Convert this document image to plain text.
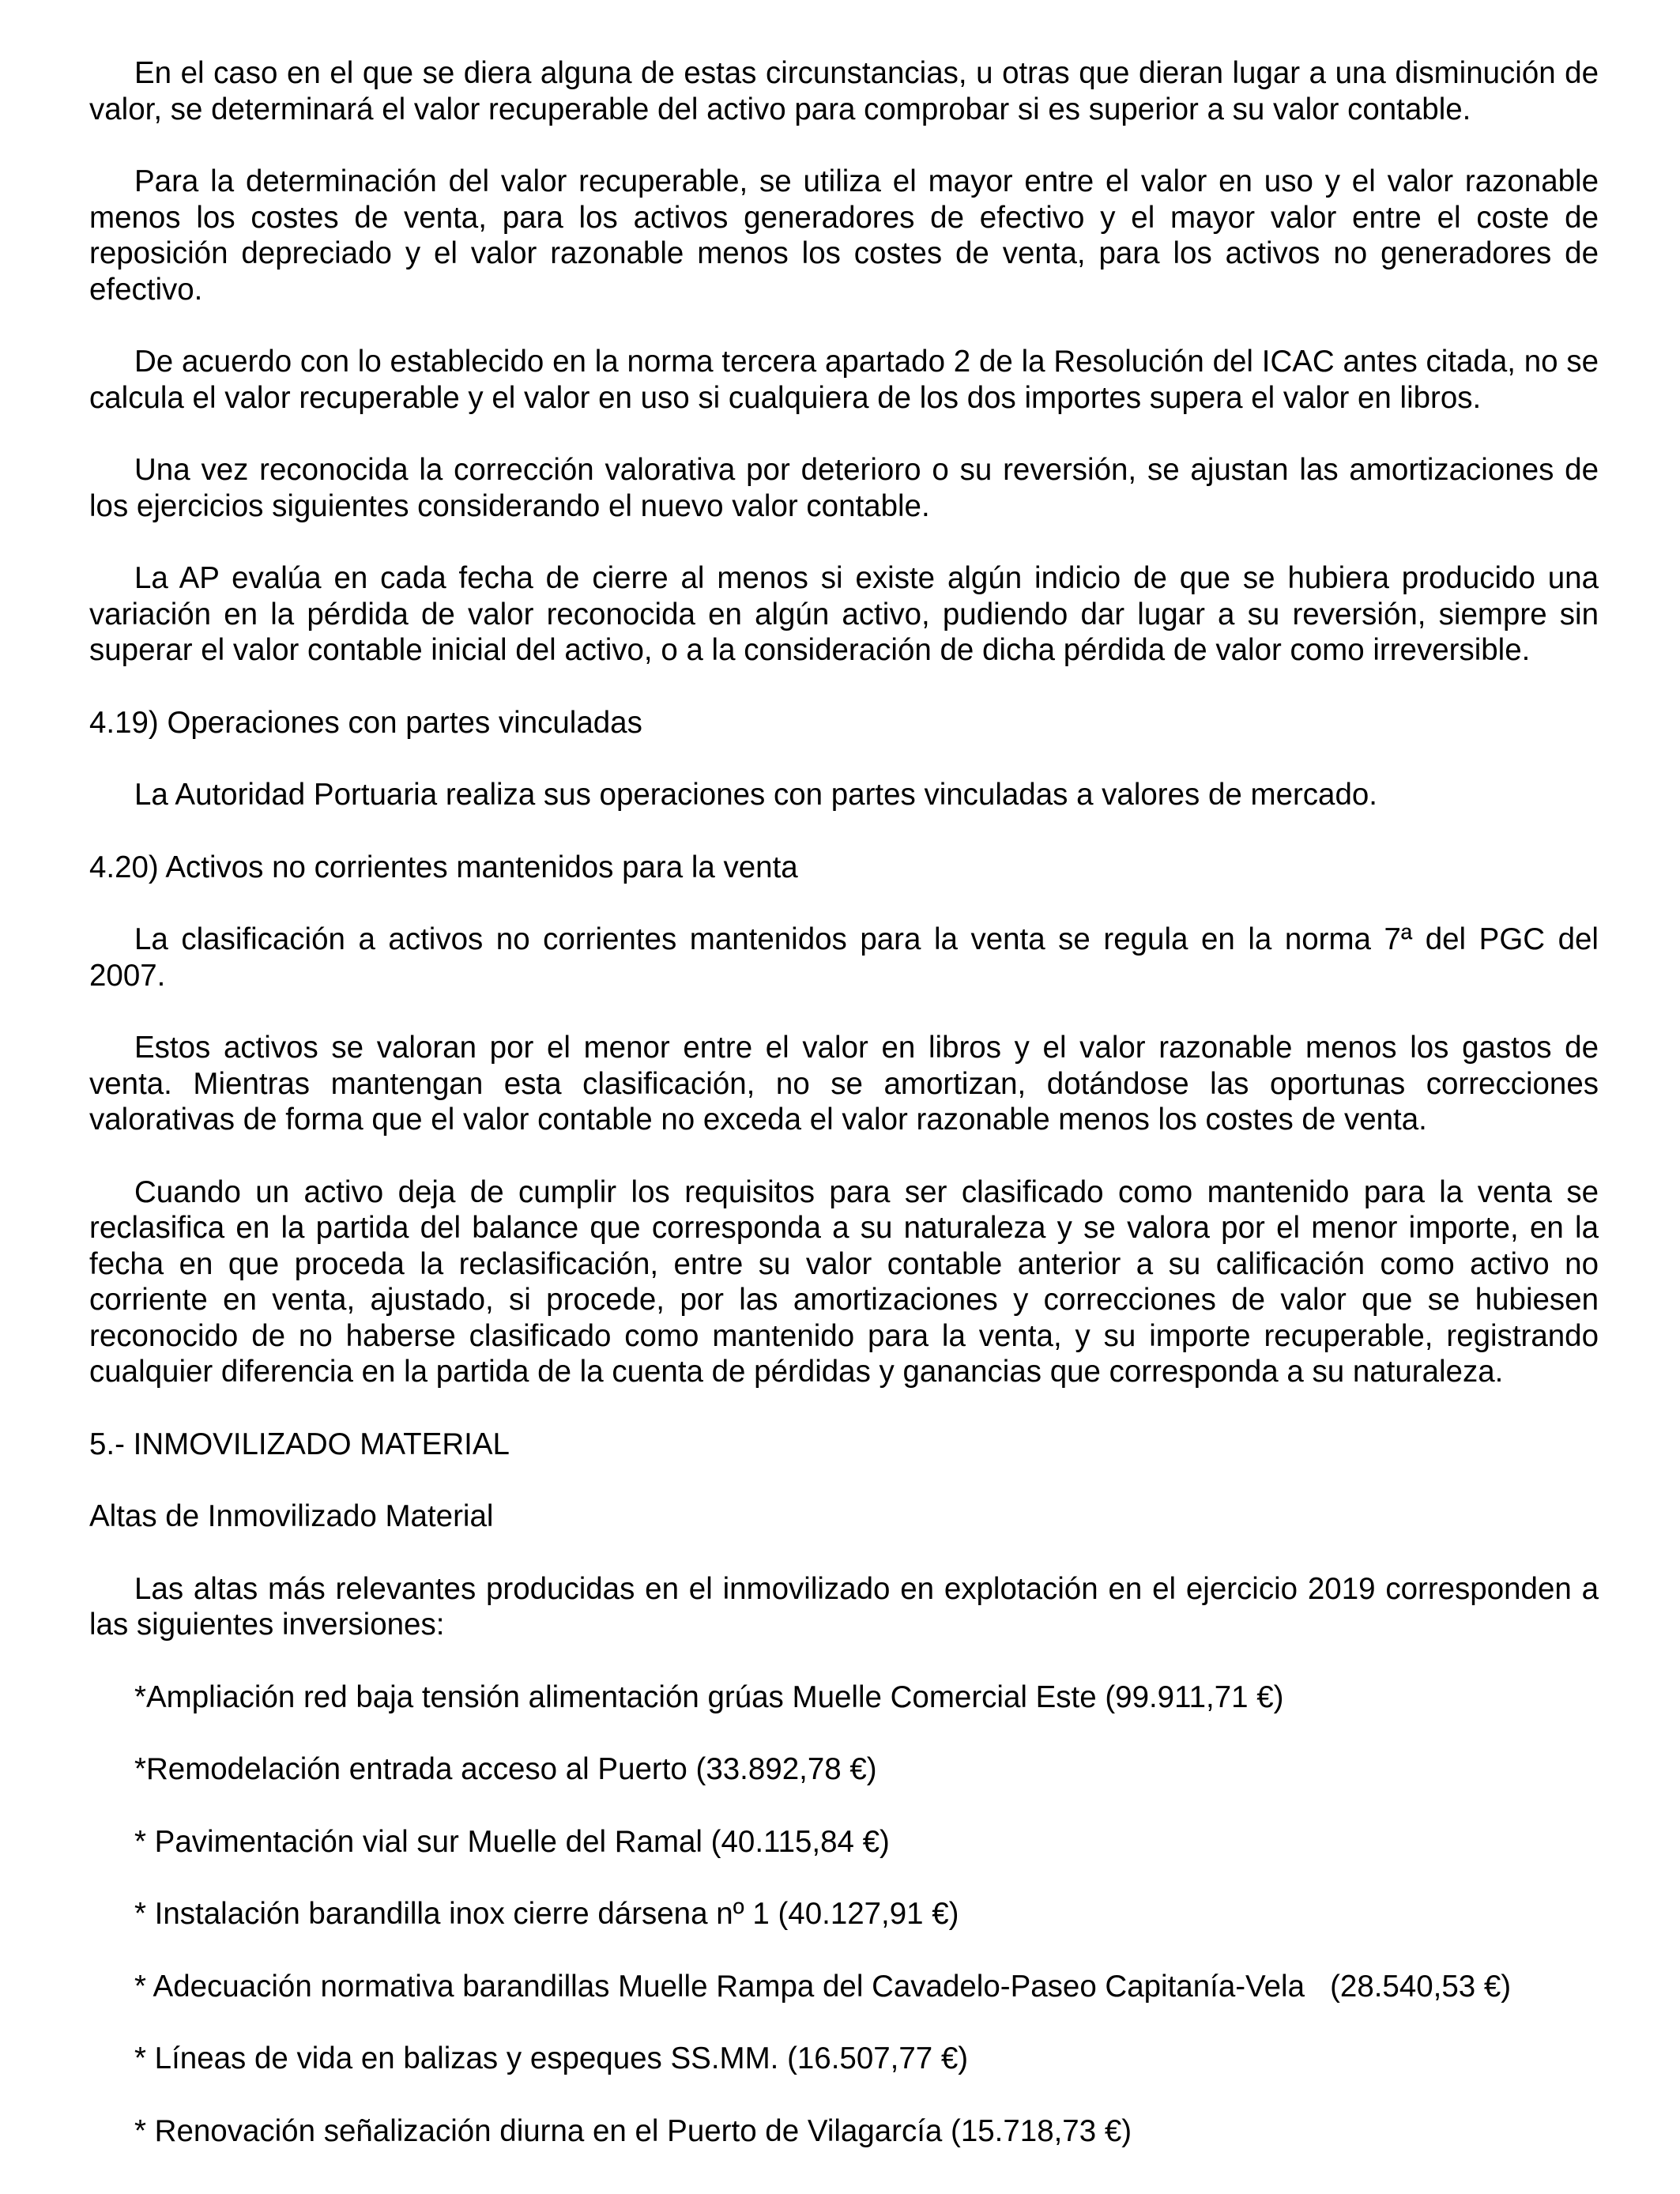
En el caso en el que se diera alguna de estas circunstancias, u otras que dieran lugar a una disminución de valor, se determinará el valor recuperable del activo para comprobar si es superior a su valor contable.

Para la determinación del valor recuperable, se utiliza el mayor entre el valor en uso y el valor razonable menos los costes de venta, para los activos generadores de efectivo y el mayor valor entre el coste de reposición depreciado y el valor razonable menos los costes de venta, para los activos no generadores de efectivo.

De acuerdo con lo establecido en la norma tercera apartado 2 de la Resolución del ICAC antes citada, no se calcula el valor recuperable y el valor en uso si cualquiera de los dos importes supera el valor en libros.

Una vez reconocida la corrección valorativa por deterioro o su reversión, se ajustan las amortizaciones de los ejercicios siguientes considerando el nuevo valor contable.

La AP evalúa en cada fecha de cierre al menos si existe algún indicio de que se hubiera producido una variación en la pérdida de valor reconocida en algún activo, pudiendo dar lugar a su reversión, siempre sin superar el valor contable inicial del activo, o a la consideración de dicha pérdida de valor como irreversible.

4.19) Operaciones con partes vinculadas

La Autoridad Portuaria realiza sus operaciones con partes vinculadas a valores de mercado.

4.20) Activos no corrientes mantenidos para la venta

La clasificación a activos no corrientes mantenidos para la venta se regula en la norma 7ª del PGC del 2007.

Estos activos se valoran por el menor entre el valor en libros y el valor razonable menos los gastos de venta. Mientras mantengan esta clasificación, no se amortizan, dotándose las oportunas correcciones valorativas de forma que el valor contable no exceda el valor razonable menos los costes de venta.

Cuando un activo deja de cumplir los requisitos para ser clasificado como mantenido para la venta se reclasifica en la partida del balance que corresponda a su naturaleza y se valora por el menor importe, en la fecha en que proceda la reclasificación, entre su valor contable anterior a su calificación como activo no corriente en venta, ajustado, si procede, por las amortizaciones y correcciones de valor que se hubiesen reconocido de no haberse clasificado como mantenido para la venta, y su importe recuperable, registrando cualquier diferencia en la partida de la cuenta de pérdidas y ganancias que corresponda a su naturaleza.

5.- INMOVILIZADO MATERIAL

Altas de Inmovilizado Material

Las altas más relevantes producidas en el inmovilizado en explotación en el ejercicio 2019 corresponden a las siguientes inversiones:

*Ampliación red baja tensión alimentación grúas Muelle Comercial Este (99.911,71 €)

*Remodelación entrada acceso al Puerto (33.892,78 €)

* Pavimentación vial sur Muelle del Ramal (40.115,84 €)

* Instalación barandilla inox cierre dársena nº 1 (40.127,91 €)

* Adecuación normativa barandillas Muelle Rampa del Cavadelo-Paseo Capitanía-Vela   (28.540,53 €)

* Líneas de vida en balizas y espeques SS.MM. (16.507,77 €)

* Renovación señalización diurna en el Puerto de Vilagarcía (15.718,73 €)
